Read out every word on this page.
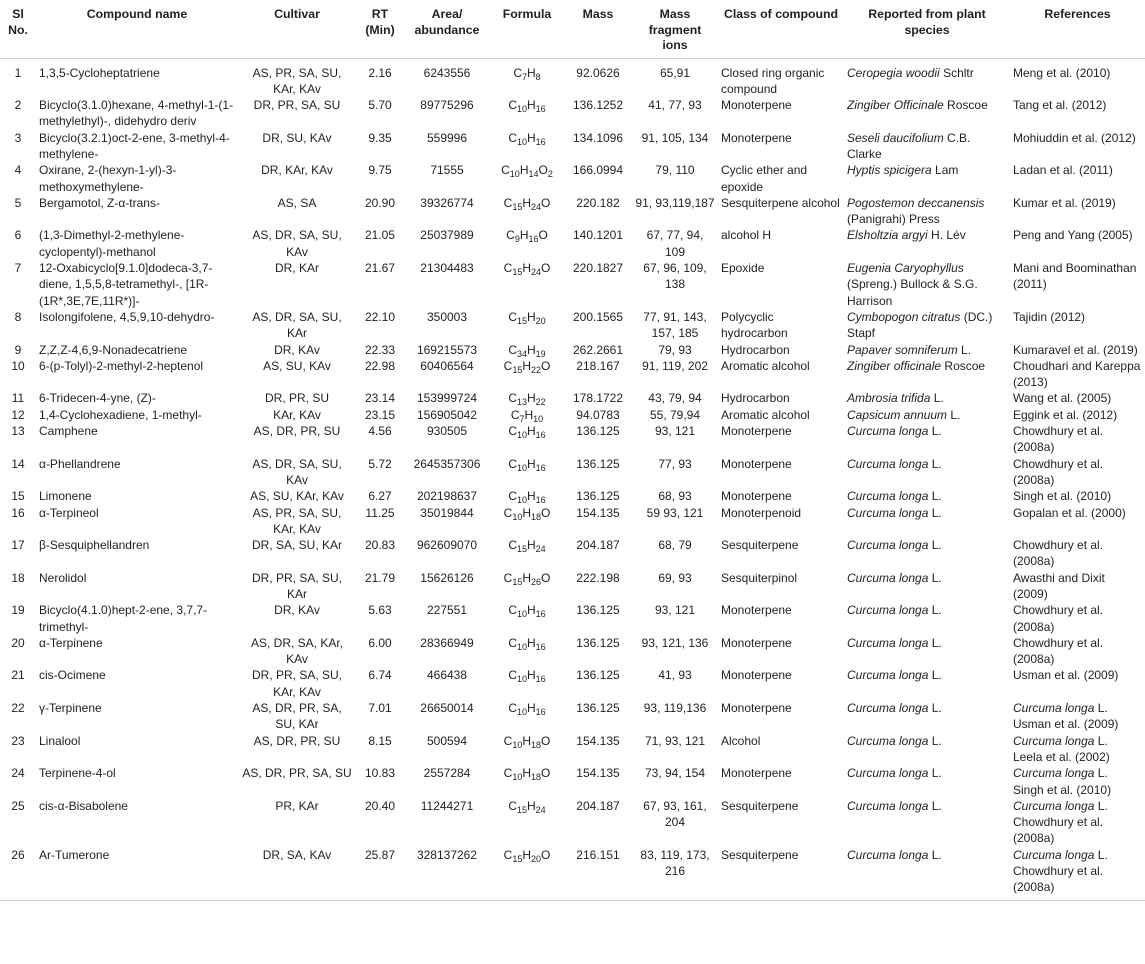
Sl No.	Compound name	Cultivar	RT (Min)	Area/ abundance	Formula	Mass	Mass fragment ions	Class of compound	Reported from plant species	References
1	1,3,5-Cycloheptatriene	AS, PR, SA, SU, KAr, KAv	2.16	6243556	$C_7H_8$	92.0626	65,91	Closed ring organic compound	Ceropegia woodii Schltr	Meng et al. (2010)
2	Bicyclo(3.1.0)hexane, 4-methyl-1-(1-methylethyl)-, didehydro deriv	DR, PR, SA, SU	5.70	89775296	$C_{10}H_{16}$	136.1252	41, 77, 93	Monoterpene	Zingiber Officinale Roscoe	Tang et al. (2012)
3	Bicyclo(3.2.1)oct-2-ene, 3-methyl-4-methylene-	DR, SU, KAv	9.35	559996	$C_{10}H_{16}$	134.1096	91, 105, 134	Monoterpene	Seseli daucifolium C.B. Clarke	Mohiuddin et al. (2012)
4	Oxirane, 2-(hexyn-1-yl)-3-methoxymethylene-	DR, KAr, KAv	9.75	71555	$C_{10}H_{14}O_2$	166.0994	79, 110	Cyclic ether and epoxide	Hyptis spicigera Lam	Ladan et al. (2011)
5	Bergamotol, Z-α-trans-	AS, SA	20.90	39326774	$C_{15}H_{24}O$	220.182	91, 93,119,187	Sesquiterpene alcohol	Pogostemon deccanensis (Panigrahi) Press	Kumar et al. (2019)
6	(1,3-Dimethyl-2-methylene-cyclopentyl)-methanol	AS, DR, SA, SU, KAv	21.05	25037989	$C_9H_{16}O$	140.1201	67, 77, 94, 109	alcohol H	Elsholtzia argyi H. Lév	Peng and Yang (2005)
7	12-Oxabicyclo[9.1.0]dodeca-3,7-diene, 1,5,5,8-tetramethyl-, [1R-(1R*,3E,7E,11R*)]-	DR, KAr	21.67	21304483	$C_{15}H_{24}O$	220.1827	67, 96, 109, 138	Epoxide	Eugenia Caryophyllus (Spreng.) Bullock & S.G. Harrison	Mani and Boominathan (2011)
8	Isolongifolene, 4,5,9,10-dehydro-	AS, DR, SA, SU, KAr	22.10	350003	$C_{15}H_{20}$	200.1565	77, 91, 143, 157, 185	Polycyclic hydrocarbon	Cymbopogon citratus (DC.) Stapf	Tajidin (2012)
9	Z,Z,Z-4,6,9-Nonadecatriene	DR, KAv	22.33	169215573	$C_{34}H_{19}$	262.2661	79, 93	Hydrocarbon	Papaver somniferum L.	Kumaravel et al. (2019)
10	6-(p-Tolyl)-2-methyl-2-heptenol	AS, SU, KAv	22.98	60406564	$C_{15}H_{22}O$	218.167	91, 119, 202	Aromatic alcohol	Zingiber officinale Roscoe	Choudhari and Kareppa (2013)
11	6-Tridecen-4-yne, (Z)-	DR, PR, SU	23.14	153999724	$C_{13}H_{22}$	178.1722	43, 79, 94	Hydrocarbon	Ambrosia trifida L.	Wang et al. (2005)
12	1,4-Cyclohexadiene, 1-methyl-	KAr, KAv	23.15	156905042	$C_7H_{10}$	94.0783	55, 79,94	Aromatic alcohol	Capsicum annuum L.	Eggink et al. (2012)
13	Camphene	AS, DR, PR, SU	4.56	930505	$C_{10}H_{16}$	136.125	93, 121	Monoterpene	Curcuma longa L.	Chowdhury et al. (2008a)
14	α-Phellandrene	AS, DR, SA, SU, KAv	5.72	2645357306	$C_{10}H_{16}$	136.125	77, 93	Monoterpene	Curcuma longa L.	Chowdhury et al. (2008a)
15	Limonene	AS, SU, KAr, KAv	6.27	202198637	$C_{10}H_{16}$	136.125	68, 93	Monoterpene	Curcuma longa L.	Singh et al. (2010)
16	α-Terpineol	AS, PR, SA, SU, KAr, KAv	11.25	35019844	$C_{10}H_{18}O$	154.135	59 93, 121	Monoterpenoid	Curcuma longa L.	Gopalan et al. (2000)
17	β-Sesquiphellandren	DR, SA, SU, KAr	20.83	962609070	$C_{15}H_{24}$	204.187	68, 79	Sesquiterpene	Curcuma longa L.	Chowdhury et al. (2008a)
18	Nerolidol	DR, PR, SA, SU, KAr	21.79	15626126	$C_{15}H_{26}O$	222.198	69, 93	Sesquiterpinol	Curcuma longa L.	Awasthi and Dixit (2009)
19	Bicyclo(4.1.0)hept-2-ene, 3,7,7-trimethyl-	DR, KAv	5.63	227551	$C_{10}H_{16}$	136.125	93, 121	Monoterpene	Curcuma longa L.	Chowdhury et al. (2008a)
20	α-Terpinene	AS, DR, SA, KAr, KAv	6.00	28366949	$C_{10}H_{16}$	136.125	93, 121, 136	Monoterpene	Curcuma longa L.	Chowdhury et al. (2008a)
21	cis-Ocimene	DR, PR, SA, SU, KAr, KAv	6.74	466438	$C_{10}H_{16}$	136.125	41, 93	Monoterpene	Curcuma longa L.	Usman et al. (2009)
22	γ-Terpinene	AS, DR, PR, SA, SU, KAr	7.01	26650014	$C_{10}H_{16}$	136.125	93, 119,136	Monoterpene	Curcuma longa L.	Curcuma longa L.
Usman et al. (2009)
23	Linalool	AS, DR, PR, SU	8.15	500594	$C_{10}H_{18}O$	154.135	71, 93, 121	Alcohol	Curcuma longa L.	Curcuma longa L.
Leela et al. (2002)
24	Terpinene-4-ol	AS, DR, PR, SA, SU	10.83	2557284	$C_{10}H_{18}O$	154.135	73, 94, 154	Monoterpene	Curcuma longa L.	Curcuma longa L.
Singh et al. (2010)
25	cis-α-Bisabolene	PR, KAr	20.40	11244271	$C_{15}H_{24}$	204.187	67, 93, 161, 204	Sesquiterpene	Curcuma longa L.	Curcuma longa L.
Chowdhury et al. (2008a)
26	Ar-Tumerone	DR, SA, KAv	25.87	328137262	$C_{15}H_{20}O$	216.151	83, 119, 173, 216	Sesquiterpene	Curcuma longa L.	Curcuma longa L.
Chowdhury et al. (2008a)
